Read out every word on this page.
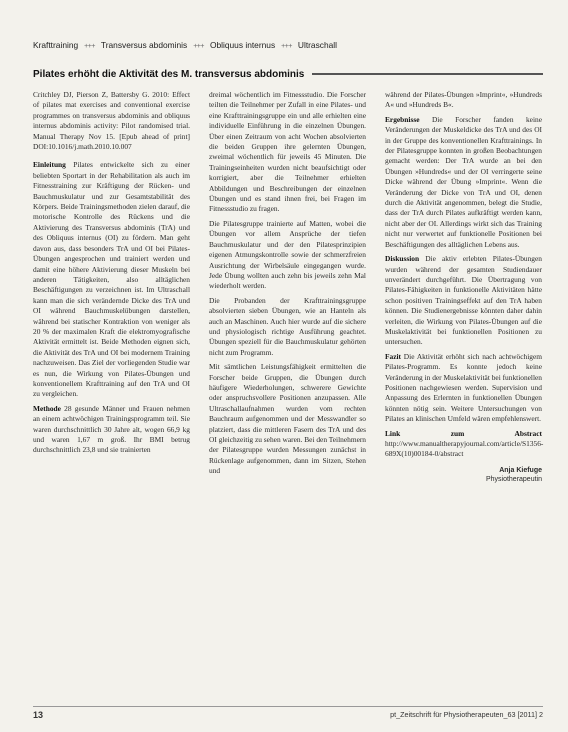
Krafttraining +++ Transversus abdominis +++ Obliquus internus +++ Ultraschall
Pilates erhöht die Aktivität des M. transversus abdominis

Critchley DJ, Pierson Z, Battersby G. 2010: Effect of pilates mat exercises and conventional exercise programmes on transversus abdominis and obliquus internus abdominis activity: Pilot randomised trial. Manual Therapy Nov 15. [Epub ahead of print] DOI:10.1016/j.math.2010.10.007

Einleitung Pilates entwickelte sich zu einer beliebten Sportart in der Rehabilitation als auch im Fitnesstraining zur Kräftigung der Rücken- und Bauchmuskulatur und zur Gesamtstabilität des Körpers. Beide Trainingsmethoden zielen darauf, die motorische Kontrolle des Rückens und die Aktivierung des Transversus abdominis (TrA) und des Obliquus internus (OI) zu fördern. Man geht davon aus, dass besonders TrA und OI bei Pilates-Übungen angesprochen und trainiert werden und damit eine höhere Aktivierung dieser Muskeln bei anderen Tätigkeiten, also alltäglichen Beschäftigungen zu verzeichnen ist. Im Ultraschall kann man die sich verändernde Dicke des TrA und OI während Bauchmuskelübungen darstellen, während bei statischer Kontraktion von weniger als 20 % der maximalen Kraft die elektromyografische Aktivität ermittelt ist. Beide Methoden eignen sich, die Aktivität des TrA und OI bei modernem Training nachzuweisen. Das Ziel der vorliegenden Studie war es nun, die Wirkung von Pilates-Übungen und konventionellem Krafttraining auf den TrA und OI zu vergleichen.

Methode 28 gesunde Männer und Frauen nehmen an einem achtwöchigen Trainingsprogramm teil. Sie waren durchschnittlich 30 Jahre alt, wogen 66,9 kg und waren 1,67 m groß. Ihr BMI betrug durchschnittlich 23,8 und sie trainierten

dreimal wöchentlich im Fitnessstudio. Die Forscher teilten die Teilnehmer per Zufall in eine Pilates- und eine Krafttrainingsgruppe ein und alle erhielten eine individuelle Einführung in die einzelnen Übungen. Über einen Zeitraum von acht Wochen absolvierten die beiden Gruppen ihre gelernten Übungen, zweimal wöchentlich für jeweils 45 Minuten. Die Trainingseinheiten wurden nicht beaufsichtigt oder korrigiert, aber die Teilnehmer erhielten Abbildungen und Beschreibungen der einzelnen Übungen und es stand ihnen frei, bei Fragen im Fitnessstudio zu fragen.

Die Pilatesgruppe trainierte auf Matten, wobei die Übungen vor allem Ansprüche der tiefen Bauchmuskulatur und der den Pilatesprinzipien eigenen Atmungskontrolle sowie der schmerzfreien Ausrichtung der Wirbelsäule eingegangen wurde. Jede Übung wollten auch zehn bis jeweils zehn Mal wiederholt werden.

Die Probanden der Krafttrainingsgruppe absolvierten sieben Übungen, wie an Hanteln als auch an Maschinen. Auch hier wurde auf die sichere und physiologisch richtige Ausführung geachtet. Übungen speziell für die Bauchmuskulatur gehörten nicht zum Programm.

Mit sämtlichen Leistungsfähigkeit ermittelten die Forscher beide Gruppen, die Übungen durch häufigere Wiederholungen, schwerere Gewichte oder anspruchsvollere Positionen anzupassen. Alle Ultraschallaufnahmen wurden vom rechten Bauchraum aufgenommen und der Messwandler so platziert, dass die mittleren Fasern des TrA und des OI gleichzeitig zu sehen waren. Bei den Teilnehmern der Pilatesgruppe wurden Messungen zunächst in Rückenlage aufgenommen, dann im Sitzen, Stehen und

während der Pilates-Übungen »Imprint«, »Hundreds A« und »Hundreds B«.

Ergebnisse Die Forscher fanden keine Veränderungen der Muskeldicke des TrA und des OI in der Gruppe des konventionellen Krafttrainings. In der Pilatesgruppe konnten in großen Beobachtungen gemacht werden: Der TrA wurde an bei den Übungen »Hundreds« und der OI verringerte seine Dicke während der Übung »Imprint«. Wenn die Veränderung der Dicke von TrA und OI, denen durch die Aktivität angenommen, belegt die Studie, dass der TrA durch Pilates aufkräftigt werden kann, nicht aber der OI. Allerdings wirkt sich das Training nicht nur verwertet auf funktionelle Positionen bei Beschäftigungen des alltäglichen Lebens aus.

Diskussion Die aktiv erlebten Pilates-Übungen wurden während der gesamten Studiendauer unverändert durchgeführt. Die Übertragung von Pilates-Fähigkeiten in funktionelle Aktivitäten hätte schon positiven Trainingseffekt auf den TrA haben können. Die Studienergebnisse könnten daher dahin verleiten, die Wirkung von Pilates-Übungen auf die Muskelaktivität bei funktionellen Positionen zu untersuchen.

Fazit Die Aktivität erhöht sich nach achtwöchigem Pilates-Programm. Es konnte jedoch keine Veränderung in der Muskelaktivität bei funktionellen Positionen nachgewiesen werden. Supervision und Anpassung des Erlernten in funktionellen Übungen könnten nötig sein. Weitere Untersuchungen von Pilates an klinischen Umfeld wären empfehlenswert.

Link zum Abstract http://www.manualtherapyjournal.com/article/S1356-689X(10)00184-0/abstract

Anja Kiefuge
Physiotherapeutin
13	pt_Zeitschrift für Physiotherapeuten_63 [2011] 2
